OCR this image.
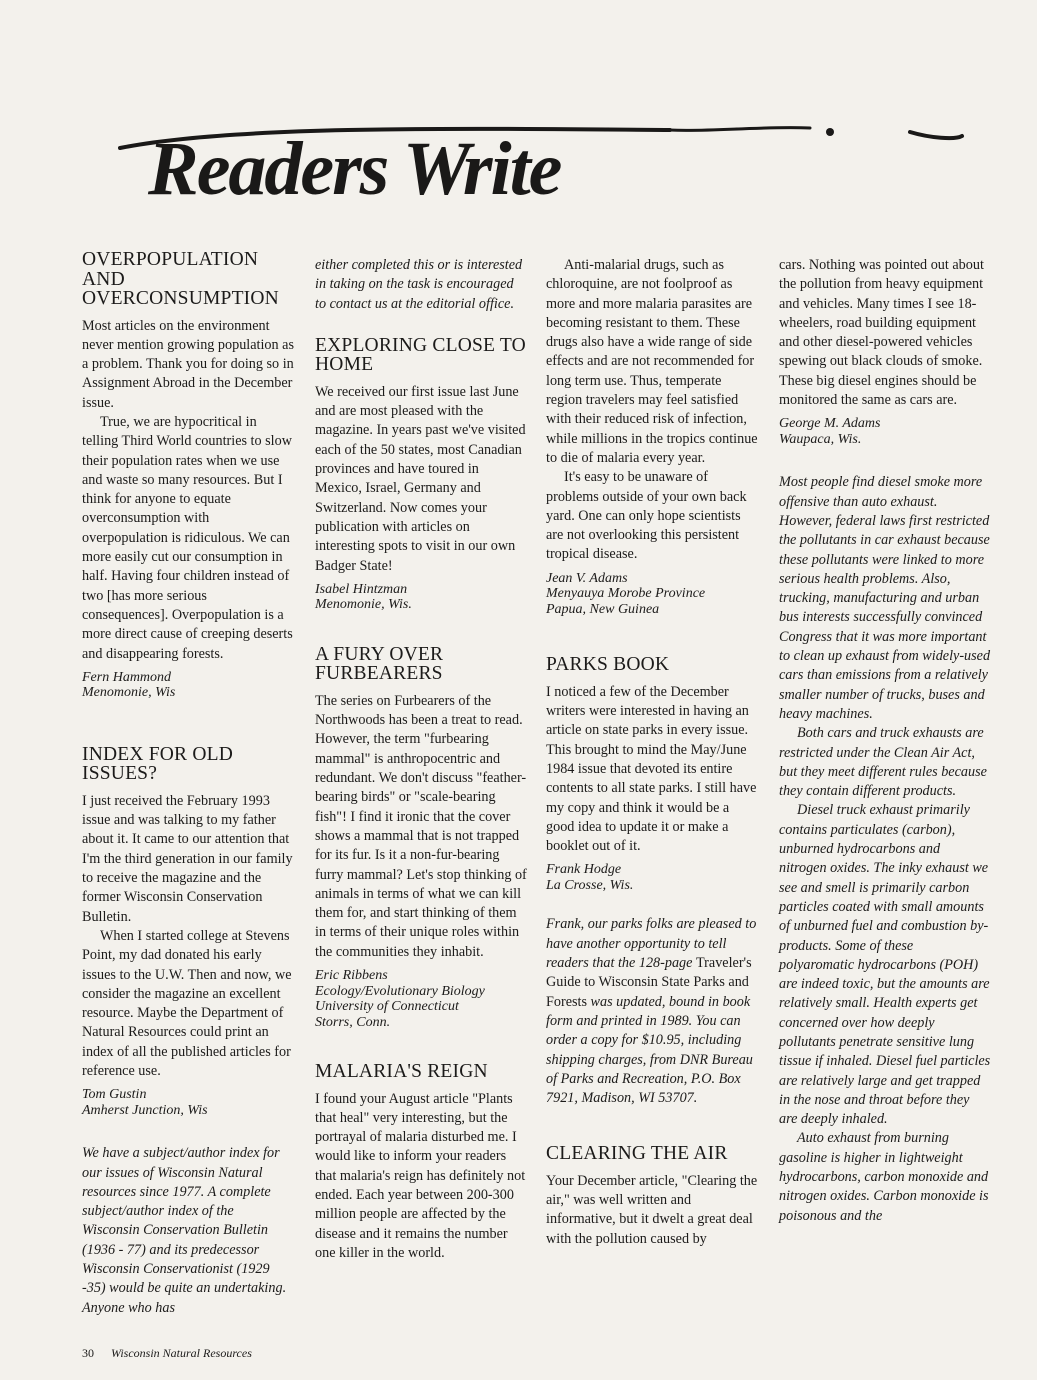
Readers Write
OVERPOPULATION AND OVERCONSUMPTION

Most articles on the environment never mention growing population as a problem. Thank you for doing so in Assignment Abroad in the December issue.

True, we are hypocritical in telling Third World countries to slow their population rates when we use and waste so many resources. But I think for anyone to equate overconsumption with overpopulation is ridiculous. We can more easily cut our consumption in half. Having four children instead of two [has more serious consequences]. Overpopulation is a more direct cause of creeping deserts and disappearing forests.

Fern Hammond
Menomonie, Wis
INDEX FOR OLD ISSUES?

I just received the February 1993 issue and was talking to my father about it. It came to our attention that I'm the third generation in our family to receive the magazine and the former Wisconsin Conservation Bulletin.

When I started college at Stevens Point, my dad donated his early issues to the U.W. Then and now, we consider the magazine an excellent resource. Maybe the Department of Natural Resources could print an index of all the published articles for reference use.

Tom Gustin
Amherst Junction, Wis

We have a subject/author index for our issues of Wisconsin Natural resources since 1977. A complete subject/author index of the Wisconsin Conservation Bulletin (1936 - 77) and its predecessor Wisconsin Conservationist (1929 -35) would be quite an undertaking. Anyone who has

either completed this or is interested in taking on the task is encouraged to contact us at the editorial office.

EXPLORING CLOSE TO HOME

We received our first issue last June and are most pleased with the magazine. In years past we've visited each of the 50 states, most Canadian provinces and have toured in Mexico, Israel, Germany and Switzerland. Now comes your publication with articles on interesting spots to visit in our own Badger State!

Isabel Hintzman
Menomonie, Wis.
A FURY OVER FURBEARERS

The series on Furbearers of the Northwoods has been a treat to read. However, the term "furbearing mammal" is anthropocentric and redundant. We don't discuss "feather-bearing birds" or "scale-bearing fish"! I find it ironic that the cover shows a mammal that is not trapped for its fur. Is it a non-fur-bearing furry mammal? Let's stop thinking of animals in terms of what we can kill them for, and start thinking of them in terms of their unique roles within the communities they inhabit.

Eric Ribbens
Ecology/Evolutionary Biology
University of Connecticut
Storrs, Conn.
MALARIA'S REIGN

I found your August article "Plants that heal" very interesting, but the portrayal of malaria disturbed me. I would like to inform your readers that malaria's reign has definitely not ended. Each year between 200-300 million people are affected by the disease and it remains the number one killer in the world.

Anti-malarial drugs, such as chloroquine, are not foolproof as more and more malaria parasites are becoming resistant to them. These drugs also have a wide range of side effects and are not recommended for long term use. Thus, temperate region travelers may feel satisfied with their reduced risk of infection, while millions in the tropics continue to die of malaria every year.

It's easy to be unaware of problems outside of your own back yard. One can only hope scientists are not overlooking this persistent tropical disease.

Jean V. Adams
Menyauya Morobe Province
Papua, New Guinea
PARKS BOOK

I noticed a few of the December writers were interested in having an article on state parks in every issue. This brought to mind the May/June 1984 issue that devoted its entire contents to all state parks. I still have my copy and think it would be a good idea to update it or make a booklet out of it.

Frank Hodge
La Crosse, Wis.

Frank, our parks folks are pleased to have another opportunity to tell readers that the 128-page Traveler's Guide to Wisconsin State Parks and Forests was updated, bound in book form and printed in 1989. You can order a copy for $10.95, including shipping charges, from DNR Bureau of Parks and Recreation, P.O. Box 7921, Madison, WI 53707.

CLEARING THE AIR

Your December article, "Clearing the air," was well written and informative, but it dwelt a great deal with the pollution caused by

cars. Nothing was pointed out about the pollution from heavy equipment and vehicles. Many times I see 18-wheelers, road building equipment and other diesel-powered vehicles spewing out black clouds of smoke. These big diesel engines should be monitored the same as cars are.

George M. Adams
Waupaca, Wis.

Most people find diesel smoke more offensive than auto exhaust. However, federal laws first restricted the pollutants in car exhaust because these pollutants were linked to more serious health problems. Also, trucking, manufacturing and urban bus interests successfully convinced Congress that it was more important to clean up exhaust from widely-used cars than emissions from a relatively smaller number of trucks, buses and heavy machines.

Both cars and truck exhausts are restricted under the Clean Air Act, but they meet different rules because they contain different products.

Diesel truck exhaust primarily contains particulates (carbon), unburned hydrocarbons and nitrogen oxides. The inky exhaust we see and smell is primarily carbon particles coated with small amounts of unburned fuel and combustion by-products. Some of these polyaromatic hydrocarbons (POH) are indeed toxic, but the amounts are relatively small. Health experts get concerned over how deeply pollutants penetrate sensitive lung tissue if inhaled. Diesel fuel particles are relatively large and get trapped in the nose and throat before they are deeply inhaled.

Auto exhaust from burning gasoline is higher in lightweight hydrocarbons, carbon monoxide and nitrogen oxides. Carbon monoxide is poisonous and the

30 Wisconsin Natural Resources
